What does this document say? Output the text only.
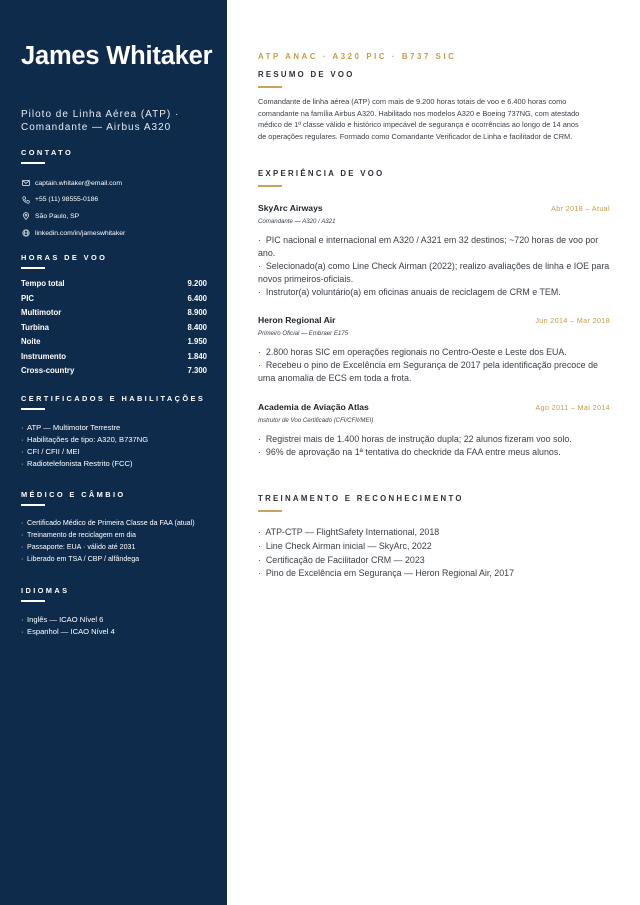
James Whitaker
Piloto de Linha Aérea (ATP) ·
Comandante — Airbus A320
CONTATO
captain.whitaker@email.com
+55 (11) 98555-0186
São Paulo, SP
linkedin.com/in/jameswhitaker
HORAS DE VOO
Tempo total	9.200
PIC	6.400
Multimotor	8.900
Turbina	8.400
Noite	1.950
Instrumento	1.840
Cross-country	7.300
CERTIFICADOS E HABILITAÇÕES
· ATP — Multimotor Terrestre
· Habilitações de tipo: A320, B737NG
· CFI / CFII / MEI
· Radiotelefonista Restrito (FCC)
MÉDICO E CÂMBIO
· Certificado Médico de Primeira Classe da FAA (atual)
· Treinamento de reciclagem em dia
· Passaporte: EUA · válido até 2031
· Liberado em TSA / CBP / alfândega
IDIOMAS
· Inglês — ICAO Nível 6
· Espanhol — ICAO Nível 4
ATP ANAC · A320 PIC · B737 SIC
RESUMO DE VOO
Comandante de linha aérea (ATP) com mais de 9.200 horas totais de voo e 6.400 horas como
comandante na família Airbus A320. Habilitado nos modelos A320 e Boeing 737NG, com atestado
médico de 1ª classe válido e histórico impecável de segurança e ocorrências ao longo de 14 anos
de operações regulares. Formado como Comandante Verificador de Linha e facilitador de CRM.
EXPERIÊNCIA DE VOO
SkyArc Airways	Abr 2018 – Atual
Comandante — A320 / A321
·  PIC nacional e internacional em A320 / A321 em 32 destinos; ~720 horas de voo por
ano.
·  Selecionado(a) como Line Check Airman (2022); realizo avaliações de linha e IOE para
novos primeiros-oficiais.
·  Instrutor(a) voluntário(a) em oficinas anuais de reciclagem de CRM e TEM.
Heron Regional Air	Jun 2014 – Mar 2018
Primeiro Oficial — Embraer E175
·  2.800 horas SIC em operações regionais no Centro-Oeste e Leste dos EUA.
·  Recebeu o pino de Excelência em Segurança de 2017 pela identificação precoce de
uma anomalia de ECS em toda a frota.
Academia de Aviação Atlas	Ago 2011 – Mai 2014
Instrutor de Voo Certificado (CFI/CFII/MEI)
·  Registrei mais de 1.400 horas de instrução dupla; 22 alunos fizeram voo solo.
·  96% de aprovação na 1ª tentativa do checkride da FAA entre meus alunos.
TREINAMENTO E RECONHECIMENTO
·  ATP-CTP — FlightSafety International, 2018
·  Line Check Airman inicial — SkyArc, 2022
·  Certificação de Facilitador CRM — 2023
·  Pino de Excelência em Segurança — Heron Regional Air, 2017
